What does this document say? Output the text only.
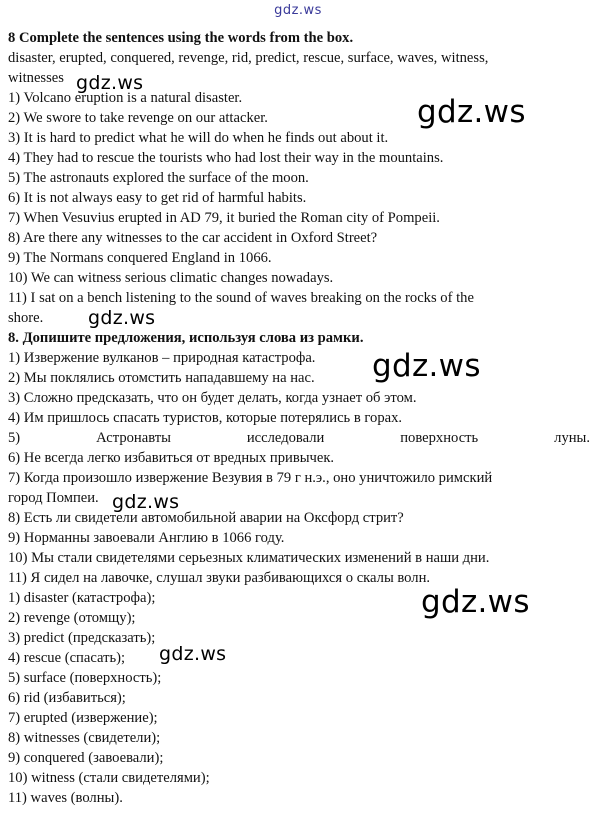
gdz.ws
8 Complete the sentences using the words from the box.
disaster, erupted, conquered, revenge, rid, predict, rescue, surface, waves, witness,
witnesses
1) Volcano eruption is a natural disaster.
2) We swore to take revenge on our attacker.
3) It is hard to predict what he will do when he finds out about it.
4) They had to rescue the tourists who had lost their way in the mountains.
5) The astronauts explored the surface of the moon.
6) It is not always easy to get rid of harmful habits.
7) When Vesuvius erupted in AD 79, it buried the Roman city of Pompeii.
8) Are there any witnesses to the car accident in Oxford Street?
9) The Normans conquered England in 1066.
10) We can witness serious climatic changes nowadays.
11) I sat on a bench listening to the sound of waves breaking on the rocks of the
shore.
8. Допишите предложения, используя слова из рамки.
1) Извержение вулканов – природная катастрофа.
2) Мы поклялись отомстить нападавшему на нас.
3) Сложно предсказать, что он будет делать, когда узнает об этом.
4) Им пришлось спасать туристов, которые потерялись в горах.
5)	Астронавты	исследовали	поверхность	луны.
6) Не всегда легко избавиться от вредных привычек.
7) Когда произошло извержение Везувия в 79 г н.э., оно уничтожило римский
город Помпеи.
8) Есть ли свидетели автомобильной аварии на Оксфорд стрит?
9) Норманны завоевали Англию в 1066 году.
10) Мы стали свидетелями серьезных климатических изменений в наши дни.
11) Я сидел на лавочке, слушал звуки разбивающихся о скалы волн.
1) disaster (катастрофа);
2) revenge (отомщу);
3) predict (предсказать);
4) rescue (спасать);
5) surface (поверхность);
6) rid (избавиться);
7) erupted (извержение);
8) witnesses (свидетели);
9) conquered (завоевали);
10) witness (стали свидетелями);
11) waves (волны).
gdz.ws
gdz.ws
gdz.ws
gdz.ws
gdz.ws
gdz.ws
gdz.ws
